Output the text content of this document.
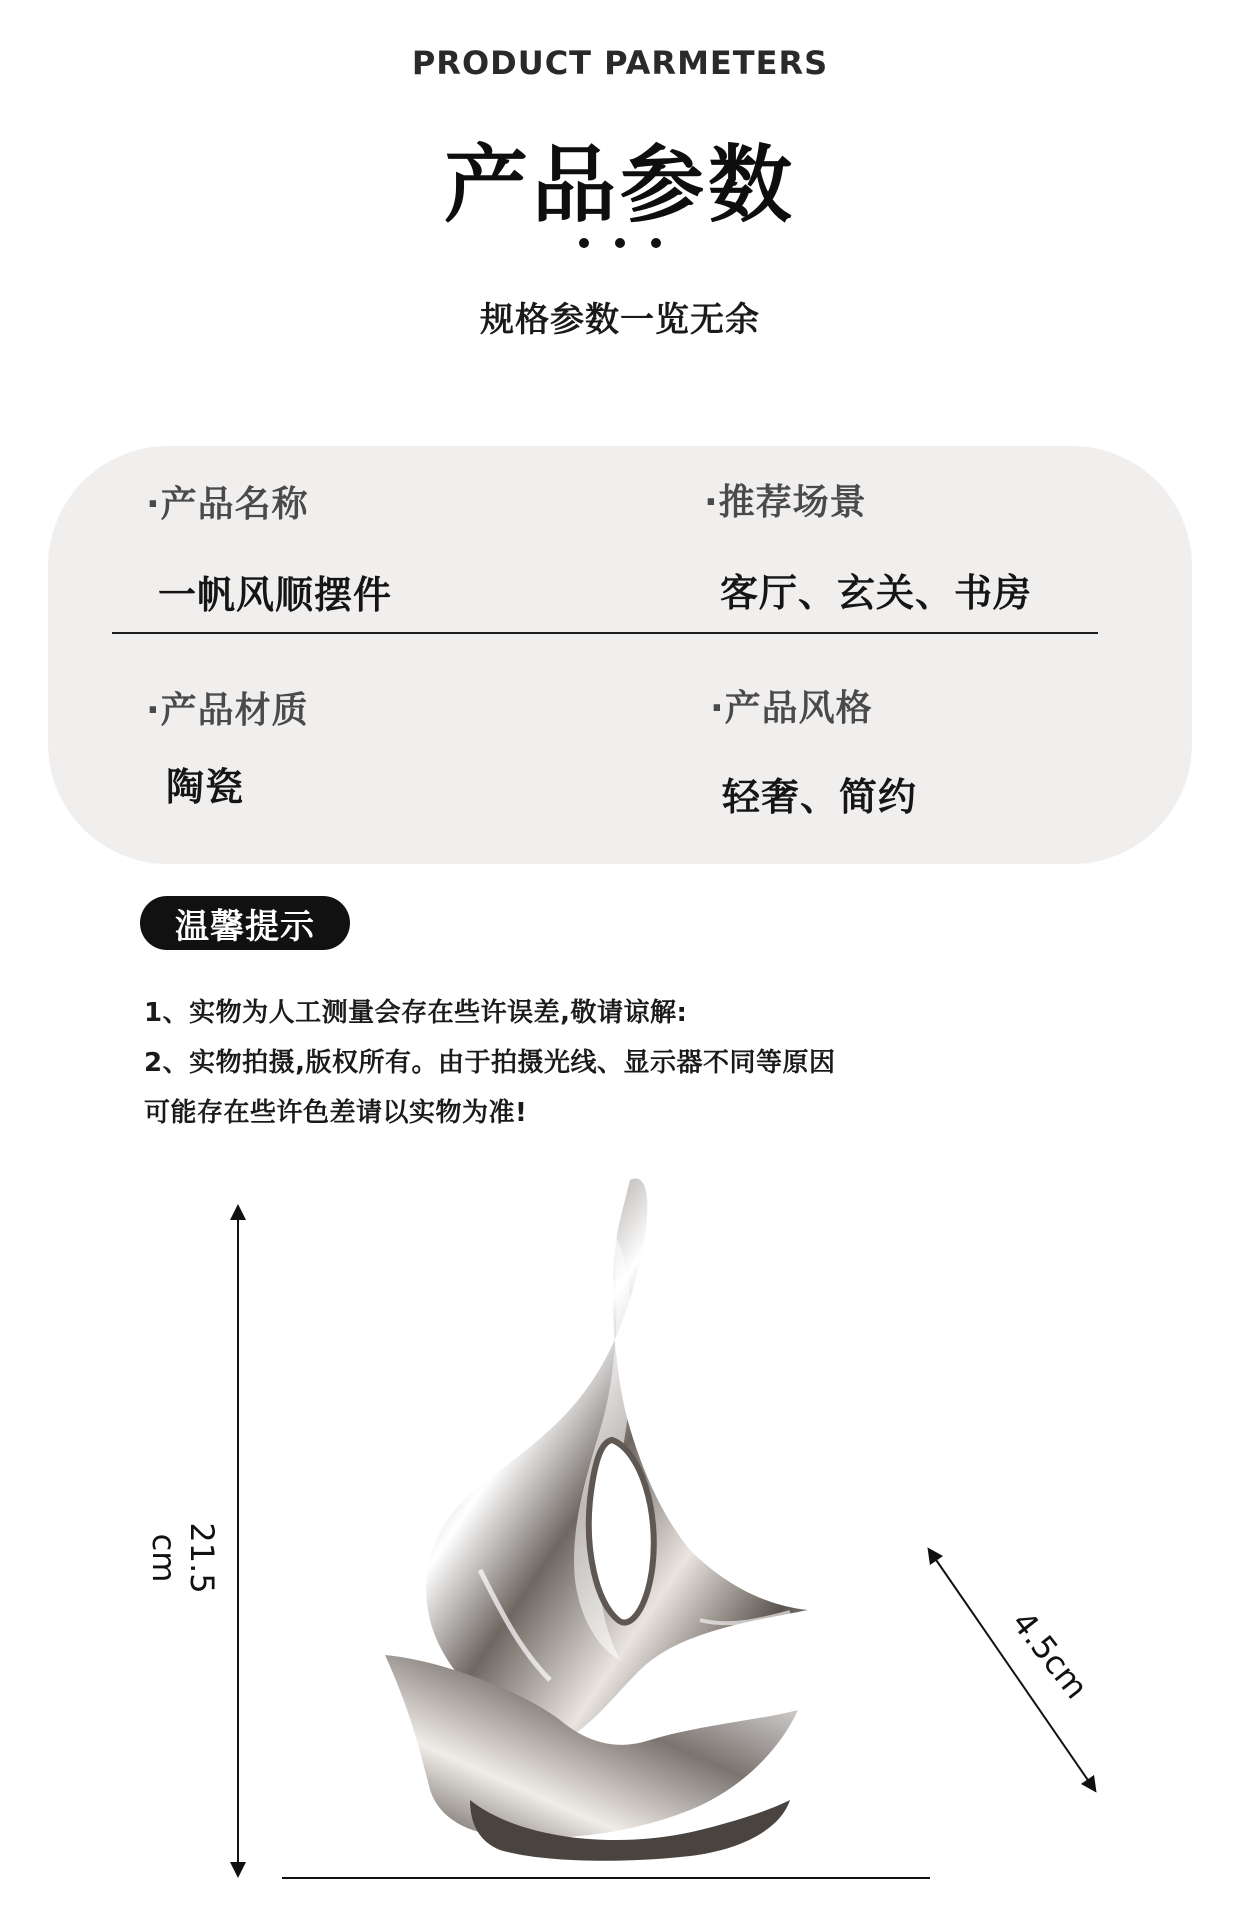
PRODUCT PARMETERS
产品参数
规格参数一览无余
·产品名称
一帆风顺摆件
·推荐场景
客厅、玄关、书房
·产品材质
陶瓷
·产品风格
轻奢、简约
温馨提示
1、实物为人工测量会存在些许误差,敬请谅解:
2、实物拍摄,版权所有。由于拍摄光线、显示器不同等原因
可能存在些许色差请以实物为准!
21.5 cm
4.5cm
